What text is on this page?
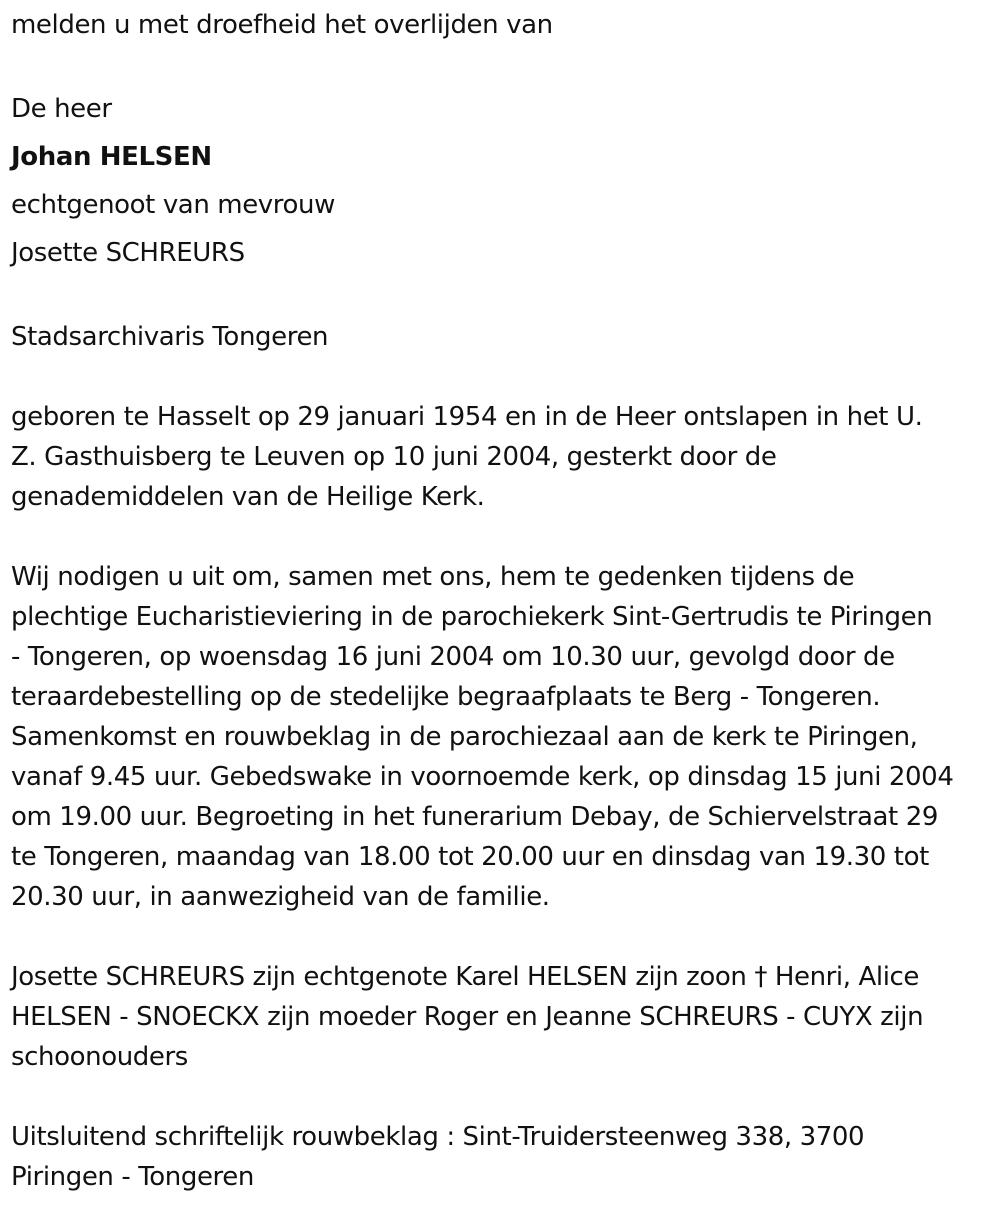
melden u met droefheid het overlijden van

De heer

Johan HELSEN

echtgenoot van mevrouw

Josette SCHREURS

Stadsarchivaris Tongeren

geboren te Hasselt op 29 januari 1954 en in de Heer ontslapen in het U.
Z. Gasthuisberg te Leuven op 10 juni 2004, gesterkt door de
genademiddelen van de Heilige Kerk.
Wij nodigen u uit om, samen met ons, hem te gedenken tijdens de
plechtige Eucharistieviering in de parochiekerk Sint-Gertrudis te Piringen
- Tongeren, op woensdag 16 juni 2004 om 10.30 uur, gevolgd door de
teraardebestelling op de stedelijke begraafplaats te Berg - Tongeren.
Samenkomst en rouwbeklag in de parochiezaal aan de kerk te Piringen,
vanaf 9.45 uur. Gebedswake in voornoemde kerk, op dinsdag 15 juni 2004
om 19.00 uur. Begroeting in het funerarium Debay, de Schiervelstraat 29
te Tongeren, maandag van 18.00 tot 20.00 uur en dinsdag van 19.30 tot
20.30 uur, in aanwezigheid van de familie.
Josette SCHREURS zijn echtgenote Karel HELSEN zijn zoon † Henri, Alice
HELSEN - SNOECKX zijn moeder Roger en Jeanne SCHREURS - CUYX zijn
schoonouders
Uitsluitend schriftelijk rouwbeklag : Sint-Truidersteenweg 338, 3700
Piringen - Tongeren
